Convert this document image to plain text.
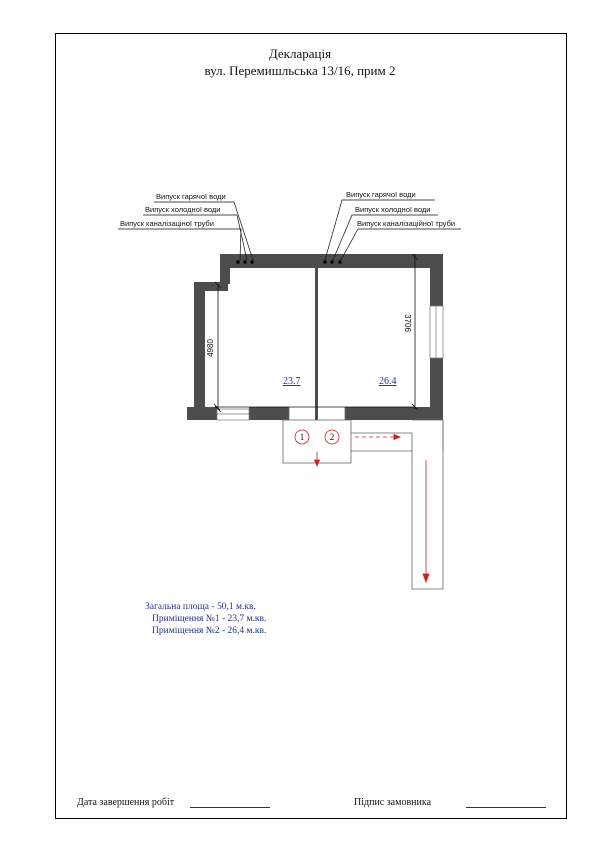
Декларація
вул. Перемишльська 13/16, прим 2
4980
3706
23.7	26.4
Випуск гарячої води
Випуск холодної води
Випуск каналізаціної труби
Випуск гарячої води
Випуск холодної води
Випуск каналізаційної труби
1	2
Загальна площа - 50,1 м.кв.
Приміщення №1 - 23,7 м.кв.
Приміщення №2 - 26,4 м.кв.
Дата завершення робіт	Підпис замовника
